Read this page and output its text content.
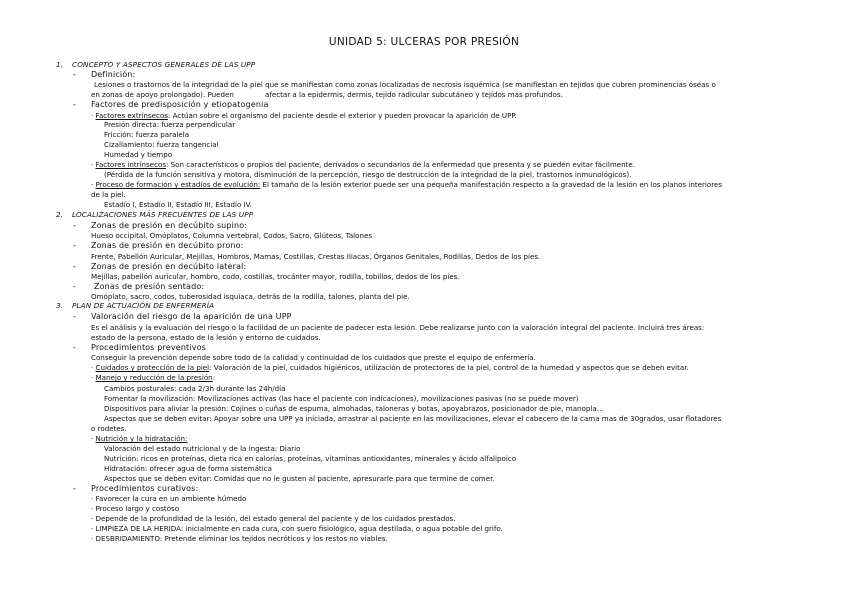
UNIDAD 5: ULCERAS POR PRESIÓN
1. CONCEPTO Y ASPECTOS GENERALES DE LAS UPP
- Definición:
Lesiones o trastornos de la integridad de la piel que se manifiestan como zonas localizadas de necrosis isquémica (se manifiestan en tejidos que cubren prominencias óseas o
en zonas de apoyo prolongado). Pueden	afectar a la epidermis, dermis, tejido radicular subcutáneo y tejidos más profundos.
- Factores de predisposición y etiopatogenia
· Factores extrínsecos: Actúan sobre el organismo del paciente desde el exterior y pueden provocar la aparición de UPP.
Presión directa: fuerza perpendicular
Fricción: fuerza paralela
Cizallamiento: fuerza tangencial
Humedad y tiempo
· Factores intrínsecos: Son característicos o propios del paciente, derivados o secundarios de la enfermedad que presenta y se pueden evitar fácilmente.
(Pérdida de la función sensitiva y motora, disminución de la percepción, riesgo de destrucción de la integridad de la piel, trastornos inmunológicos).
· Proceso de formación y estadíos de evolución: El tamaño de la lesión exterior puede ser una pequeña manifestación respecto a la gravedad de la lesión en los planos interiores
de la piel.
Estadío I, Estadío II, Estadío III, Estadío IV.
2. LOCALIZACIONES MÁS FRECUENTES DE LAS UPP
- Zonas de presión en decúbito supino:
Hueso occipital, Omóplatos, Columna vertebral, Codos, Sacro, Glúteos, Talones
- Zonas de presión en decúbito prono:
Frente, Pabellón Auricular, Mejillas, Hombros, Mamas, Costillas, Crestas Iliacas, Órganos Genitales, Rodillas, Dedos de los pies.
- Zonas de presión en decúbito lateral:
Mejillas, pabellón auricular, hombro, codo, costillas, trocánter mayor, rodilla, tobillos, dedos de los pies.
- Zonas de presión sentado:
Omóplato, sacro, codos, tuberosidad isquiaca, detrás de la rodilla, talones, planta del pie.
3. PLAN DE ACTUACIÓN DE ENFERMERÍA
- Valoración del riesgo de la aparición de una UPP
Es el análisis y la evaluación del riesgo o la facilidad de un paciente de padecer esta lesión. Debe realizarse junto con la valoración integral del paciente. Incluirá tres áreas:
estado de la persona, estado de la lesión y entorno de cuidados.
- Procedimientos preventivos
Conseguir la prevención depende sobre todo de la calidad y continuidad de los cuidados que preste el equipo de enfermería.
· Cuidados y protección de la piel: Valoración de la piel, cuidados higiénicos, utilización de protectores de la piel, control de la humedad y aspectos que se deben evitar.
· Manejo y reducción de la presión:
Cambios posturales: cada 2/3h durante las 24h/día
Fomentar la movilización: Movilizaciones activas (las hace el paciente con indicaciones), movilizaciones pasivas (no se puede mover)
Dispositivos para aliviar la presión: Cojines o cuñas de espuma, almohadas, taloneras y botas, apoyabrazos, posicionador de pie, manopla…
Aspectos que se deben evitar: Apoyar sobre una UPP ya iniciada, arrastrar al paciente en las movilizaciones, elevar el cabecero de la cama mas de 30grados, usar flotadores
o rodetes.
· Nutrición y la hidratación:
Valoración del estado nutricional y de la ingesta: Diario
Nutrición: ricos en proteínas, dieta rica en calorías, proteínas, vitaminas antioxidantes, minerales y ácido alfalipoico
Hidratación: ofrecer agua de forma sistemática
Aspectos que se deben evitar: Comidas que no le gusten al paciente, apresurarle para que termine de comer.
- Procedimientos curativos:
· Favorecer la cura en un ambiente húmedo
· Proceso largo y costoso
· Depende de la profundidad de la lesión, del estado general del paciente y de los cuidados prestados.
· LIMPIEZA DE LA HERIDA: inicialmente en cada cura, con suero fisiológico, agua destilada, o agua potable del grifo.
· DESBRIDAMIENTO: Pretende eliminar los tejidos necróticos y los restos no viables.
